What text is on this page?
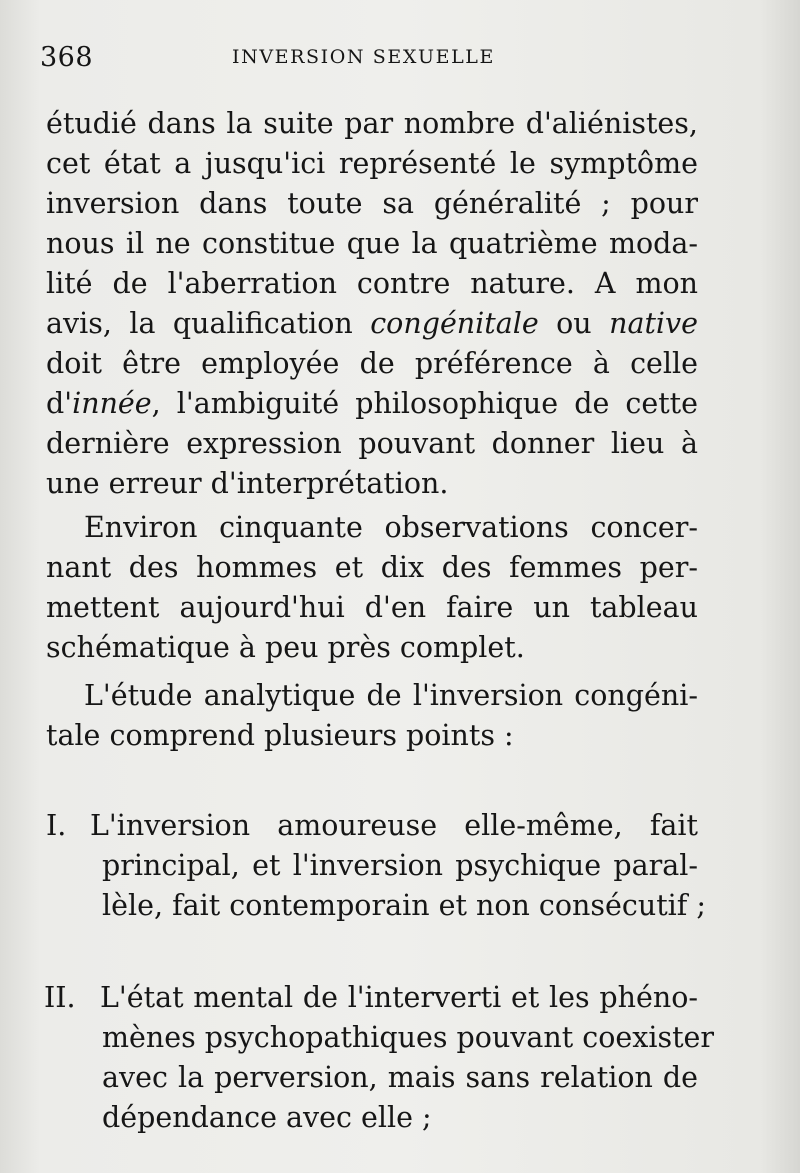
368	INVERSION SEXUELLE
étudié dans la suite par nombre d'aliénistes,
cet état a jusqu'ici représenté le symptôme
inversion dans toute sa généralité ; pour
nous il ne constitue que la quatrième moda-
lité de l'aberration contre nature. A mon
avis, la qualification congénitale ou native
doit être employée de préférence à celle
d'innée, l'ambiguité philosophique de cette
dernière expression pouvant donner lieu à
une erreur d'interprétation.
Environ cinquante observations concer-
nant des hommes et dix des femmes per-
mettent aujourd'hui d'en faire un tableau
schématique à peu près complet.
L'étude analytique de l'inversion congéni-
tale comprend plusieurs points :
I. L'inversion amoureuse elle-même, fait
principal, et l'inversion psychique paral-
lèle, fait contemporain et non consécutif ;
II. L'état mental de l'interverti et les phéno-
mènes psychopathiques pouvant coexister
avec la perversion, mais sans relation de
dépendance avec elle ;
